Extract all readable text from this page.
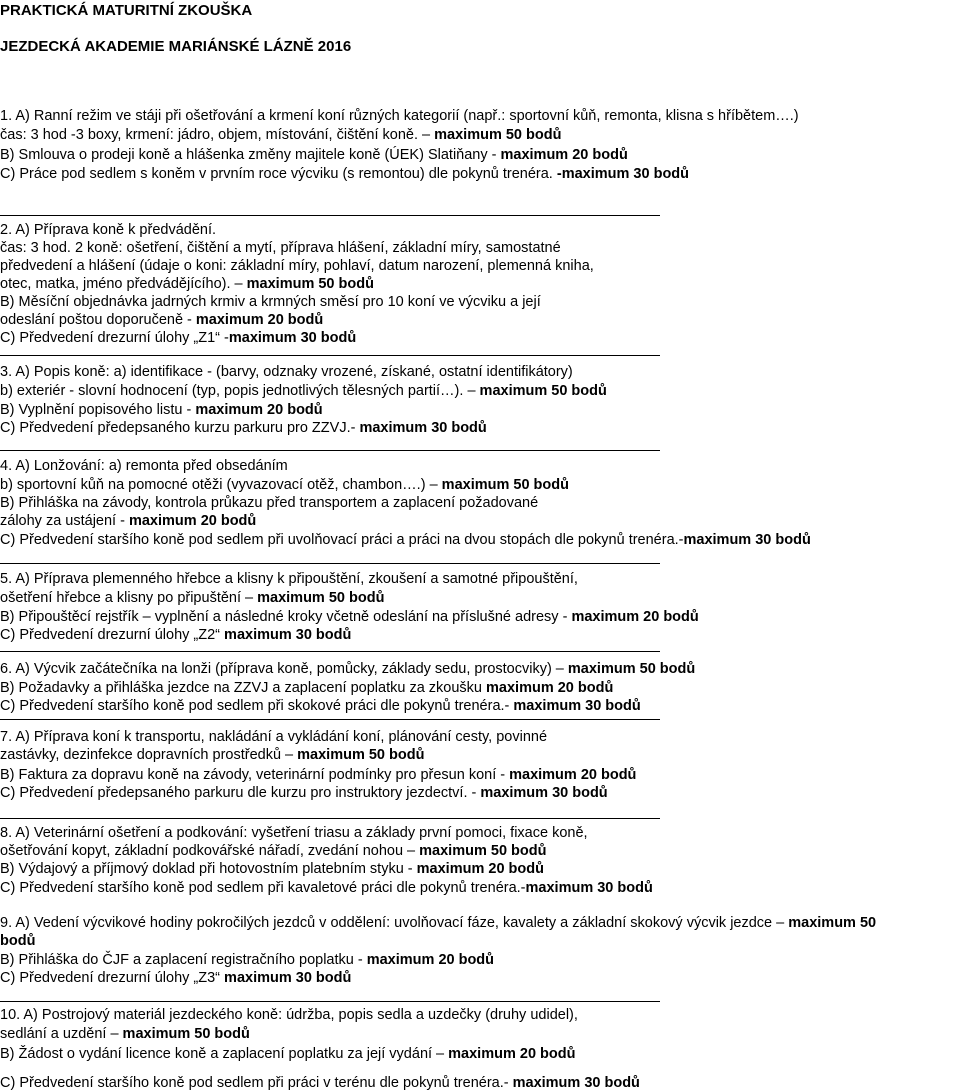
PRAKTICKÁ MATURITNÍ ZKOUŠKA
JEZDECKÁ AKADEMIE MARIÁNSKÉ LÁZNĚ 2016
1. A) Ranní režim ve stáji při ošetřování a krmení koní různých kategorií (např.: sportovní kůň, remonta, klisna s hříbětem….)
čas: 3 hod -3 boxy, krmení: jádro, objem, místování, čištění koně. – maximum 50 bodů
B) Smlouva o prodeji koně a hlášenka změny majitele koně (ÚEK) Slatiňany - maximum 20 bodů
C) Práce pod sedlem s koněm v prvním roce výcviku (s remontou) dle pokynů trenéra. -maximum 30 bodů
2. A) Příprava koně k předvádění.
čas: 3 hod. 2 koně: ošetření, čištění a mytí, příprava hlášení, základní míry, samostatné
předvedení a hlášení (údaje o koni: základní míry, pohlaví, datum narození, plemenná kniha,
otec, matka, jméno předvádějícího). – maximum 50 bodů
B) Měsíční objednávka jadrných krmiv a krmných směsí pro 10 koní ve výcviku a její
odeslání poštou doporučeně - maximum 20 bodů
C) Předvedení drezurní úlohy „Z1“ -maximum 30 bodů
3. A) Popis koně: a) identifikace - (barvy, odznaky vrozené, získané, ostatní identifikátory)
b) exteriér - slovní hodnocení (typ, popis jednotlivých tělesných partií…). – maximum 50 bodů
B) Vyplnění popisového listu - maximum 20 bodů
C) Předvedení předepsaného kurzu parkuru pro ZZVJ.- maximum 30 bodů
4. A) Lonžování: a) remonta před obsedáním
b) sportovní kůň na pomocné otěži (vyvazovací otěž, chambon….) – maximum 50 bodů
B) Přihláška na závody, kontrola průkazu před transportem a zaplacení požadované
zálohy za ustájení - maximum 20 bodů
C) Předvedení staršího koně pod sedlem při uvolňovací práci a práci na dvou stopách dle pokynů trenéra.-maximum 30 bodů
5. A) Příprava plemenného hřebce a klisny k připouštění, zkoušení a samotné připouštění,
ošetření hřebce a klisny po připuštění – maximum 50 bodů
B) Připouštěcí rejstřík – vyplnění a následné kroky včetně odeslání na příslušné adresy - maximum 20 bodů
C) Předvedení drezurní úlohy „Z2“ maximum 30 bodů
6. A) Výcvik začátečníka na lonži (příprava koně, pomůcky, základy sedu, prostocviky) – maximum 50 bodů
B) Požadavky a přihláška jezdce na ZZVJ a zaplacení poplatku za zkoušku maximum 20 bodů
C) Předvedení staršího koně pod sedlem při skokové práci dle pokynů trenéra.- maximum 30 bodů
7. A) Příprava koní k transportu, nakládání a vykládání koní, plánování cesty, povinné
zastávky, dezinfekce dopravních prostředků – maximum 50 bodů
B) Faktura za dopravu koně na závody, veterinární podmínky pro přesun koní - maximum 20 bodů
C) Předvedení předepsaného parkuru dle kurzu pro instruktory jezdectví. - maximum 30 bodů
8. A) Veterinární ošetření a podkování: vyšetření triasu a základy první pomoci, fixace koně,
ošetřování kopyt, základní podkovářské nářadí, zvedání nohou – maximum 50 bodů
B) Výdajový a příjmový doklad při hotovostním platebním styku - maximum 20 bodů
C) Předvedení staršího koně pod sedlem při kavaletové práci dle pokynů trenéra.-maximum 30 bodů
9. A) Vedení výcvikové hodiny pokročilých jezdců v oddělení: uvolňovací fáze, kavalety a základní skokový výcvik jezdce – maximum 50
bodů
B) Přihláška do ČJF a zaplacení registračního poplatku - maximum 20 bodů
C) Předvedení drezurní úlohy „Z3“ maximum 30 bodů
10. A) Postrojový materiál jezdeckého koně: údržba, popis sedla a uzdečky (druhy udidel),
sedlání a uzdění – maximum 50 bodů
B) Žádost o vydání licence koně a zaplacení poplatku za její vydání – maximum 20 bodů
C) Předvedení staršího koně pod sedlem při práci v terénu dle pokynů trenéra.- maximum 30 bodů
